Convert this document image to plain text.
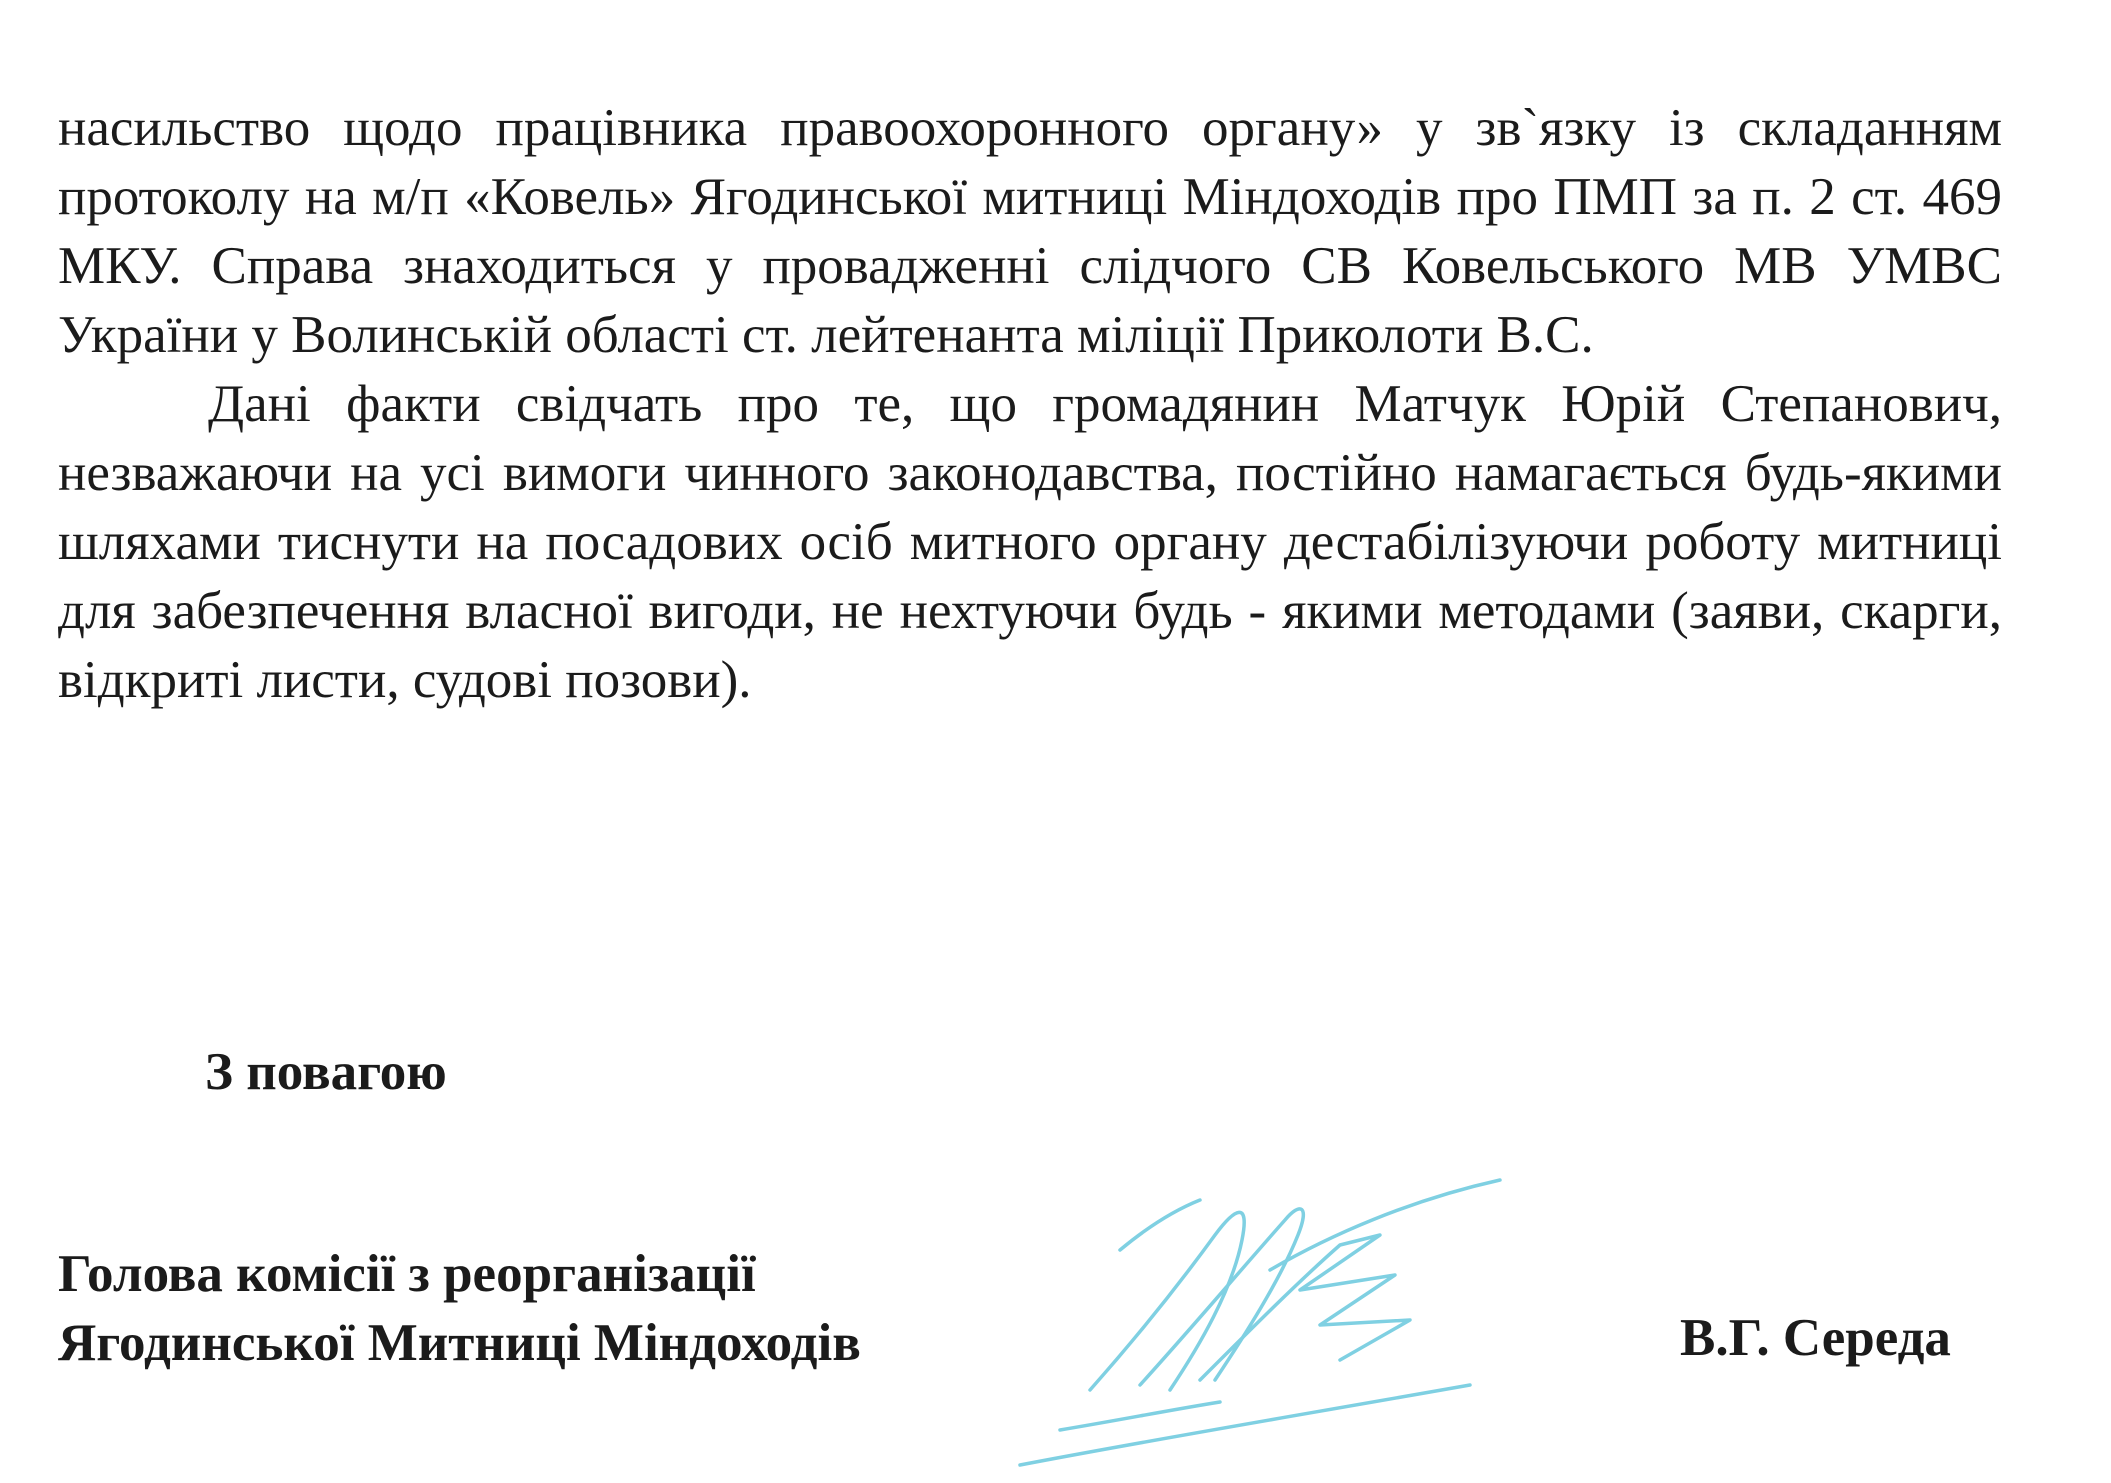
насильство щодо працівника правоохоронного органу» у зв`язку із складанням протоколу на м/п «Ковель» Ягодинської митниці Міндоходів про ПМП за п. 2 ст. 469 МКУ. Справа знаходиться у провадженні слідчого СВ Ковельського МВ УМВС України у Волинській області ст. лейтенанта міліції Приколоти В.С.

Дані факти свідчать про те, що громадянин Матчук Юрій Степанович, незважаючи на усі вимоги чинного законодавства, постійно намагається будь-якими шляхами тиснути на посадових осіб митного органу дестабілізуючи роботу митниці для забезпечення власної вигоди, не нехтуючи будь - якими методами (заяви, скарги, відкриті листи, судові позови).

З повагою
Голова комісії з реорганізації
Ягодинської Митниці Міндоходів	В.Г. Середа
